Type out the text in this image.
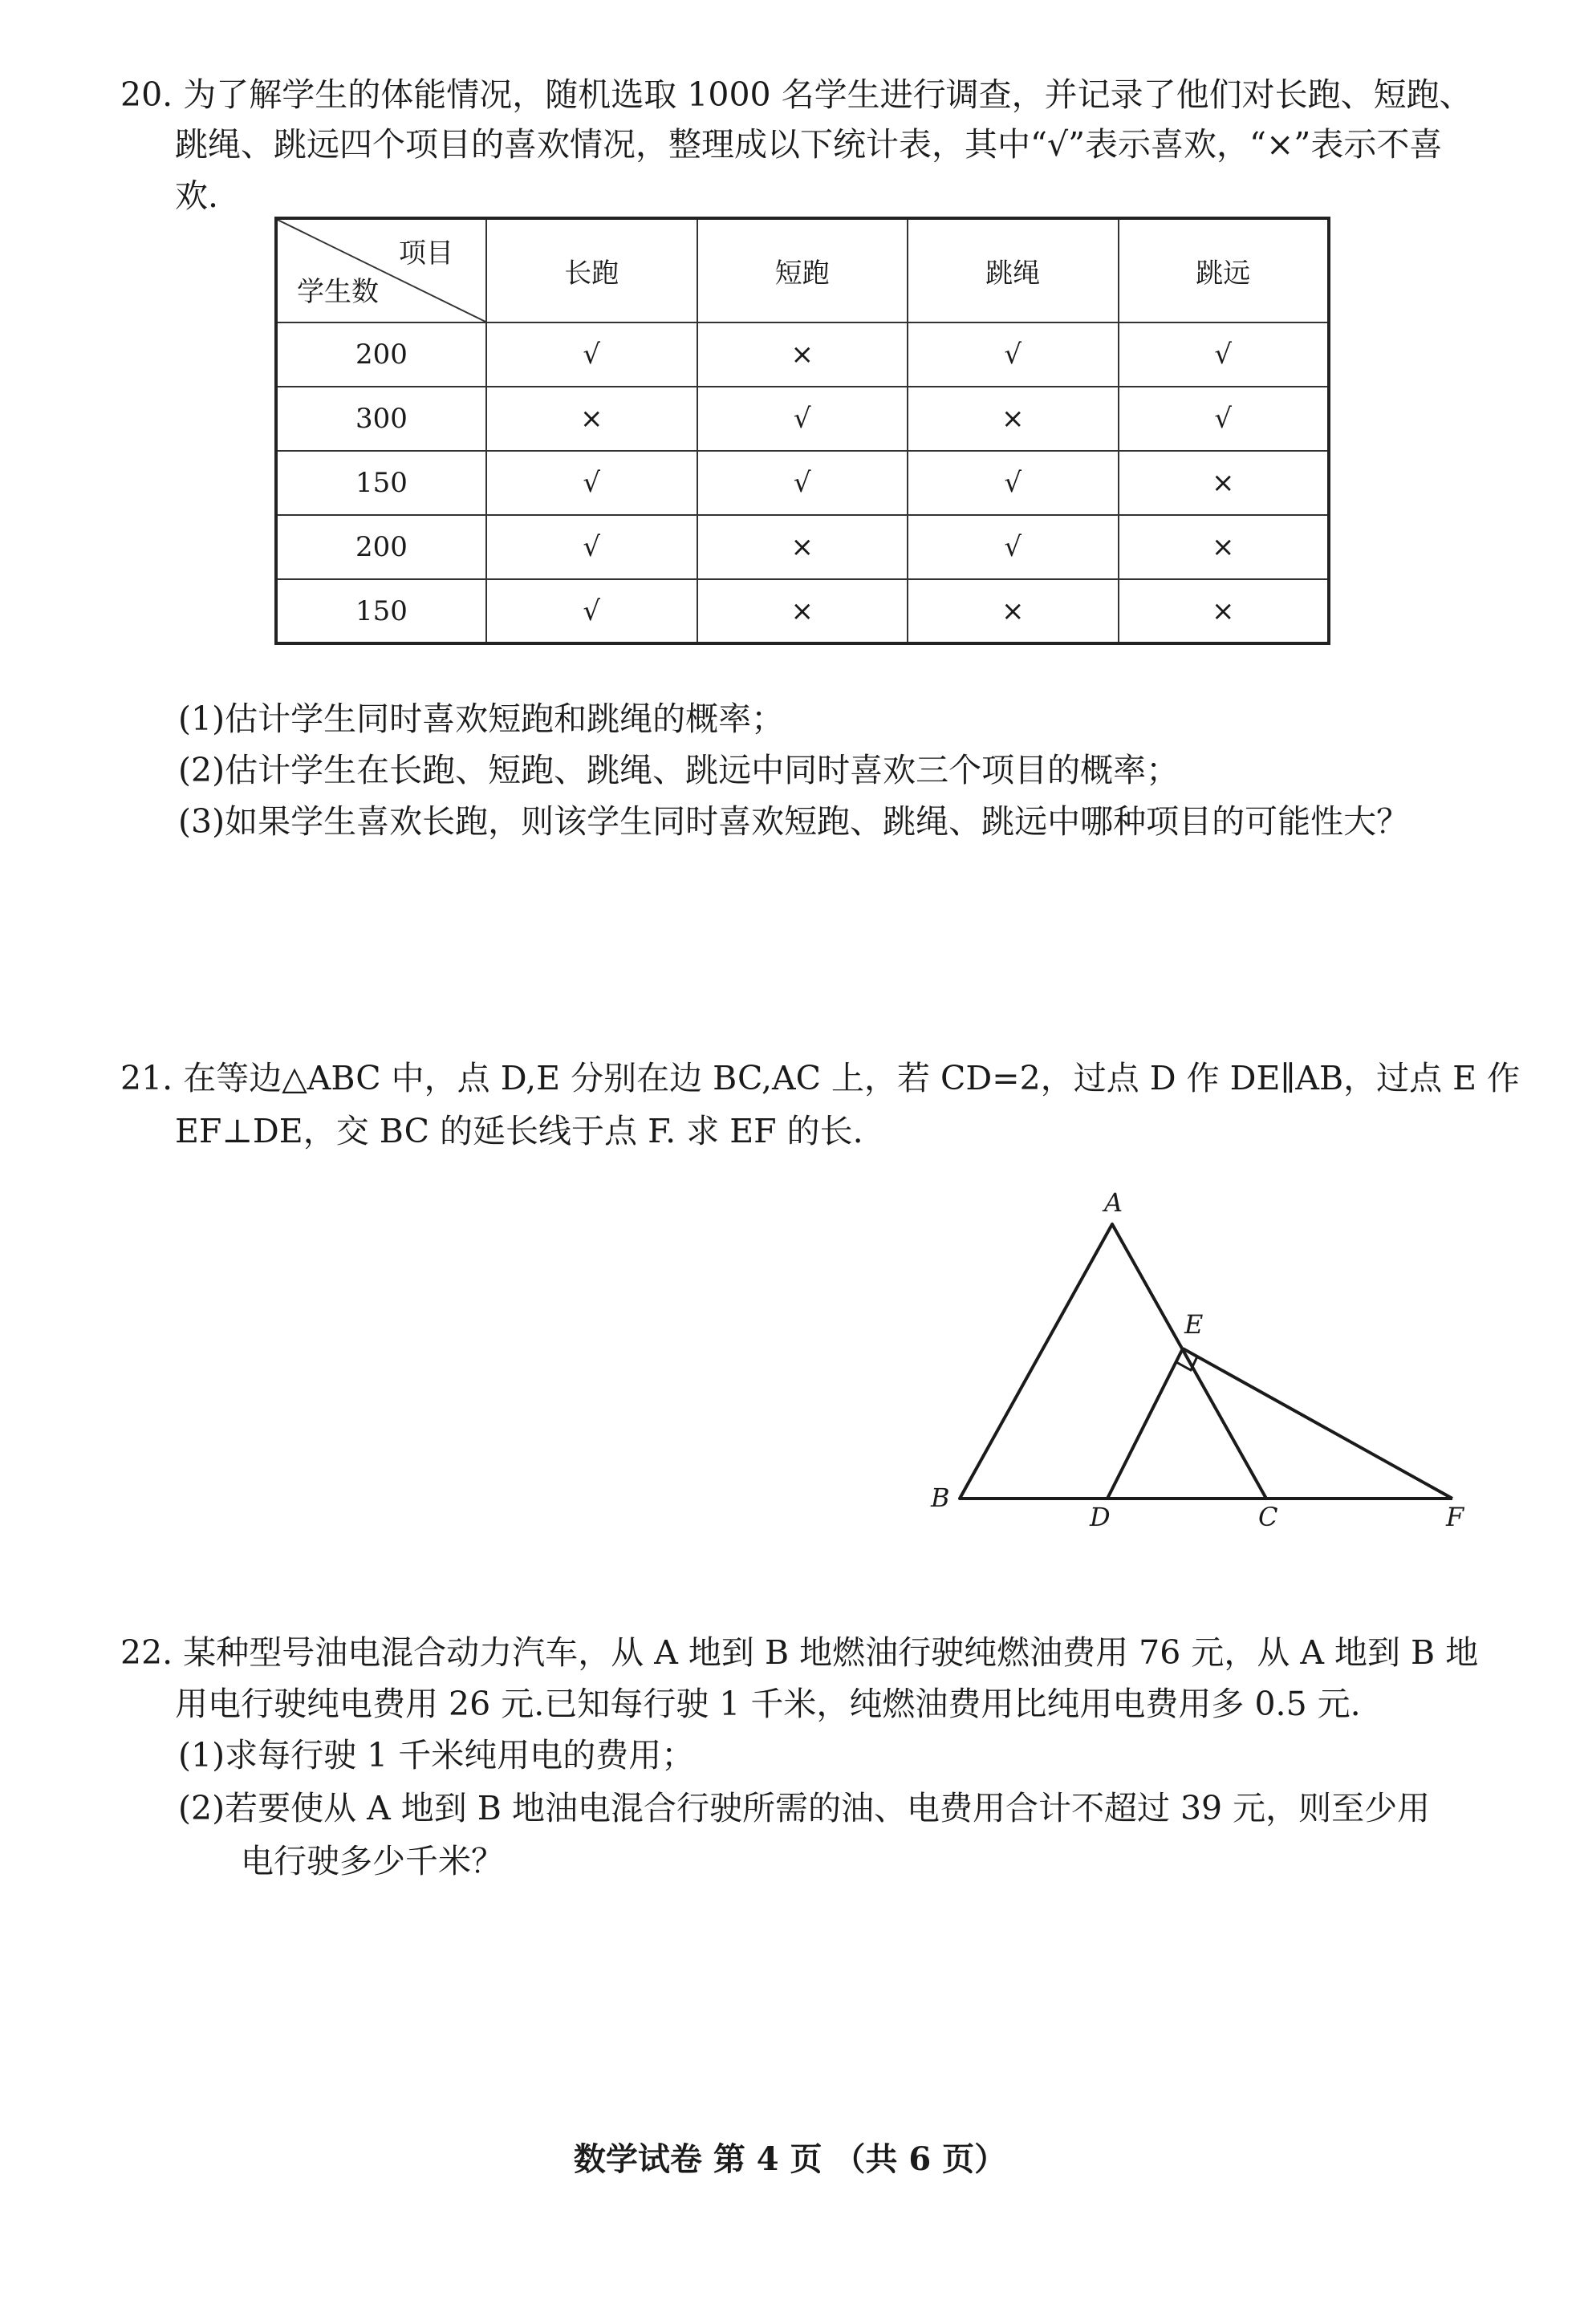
20. 为了解学生的体能情况，随机选取 1000 名学生进行调查，并记录了他们对长跑、短跑、
跳绳、跳远四个项目的喜欢情况，整理成以下统计表，其中“√”表示喜欢，“×”表示不喜
欢.
项目
学生数	长跑	短跑	跳绳	跳远
200	√	×	√	√
300	×	√	×	√
150	√	√	√	×
200	√	×	√	×
150	√	×	×	×
(1)估计学生同时喜欢短跑和跳绳的概率；
(2)估计学生在长跑、短跑、跳绳、跳远中同时喜欢三个项目的概率；
(3)如果学生喜欢长跑，则该学生同时喜欢短跑、跳绳、跳远中哪种项目的可能性大？
21. 在等边△ABC 中，点 D,E 分别在边 BC,AC 上，若 CD=2，过点 D 作 DE∥AB，过点 E 作
EF⊥DE，交 BC 的延长线于点 F. 求 EF 的长.
A
B
D	C
E
F
22. 某种型号油电混合动力汽车，从 A 地到 B 地燃油行驶纯燃油费用 76 元，从 A 地到 B 地
用电行驶纯电费用 26 元.已知每行驶 1 千米，纯燃油费用比纯用电费用多 0.5 元.
(1)求每行驶 1 千米纯用电的费用；
(2)若要使从 A 地到 B 地油电混合行驶所需的油、电费用合计不超过 39 元，则至少用
电行驶多少千米？
数学试卷 第 4 页 （共 6 页）
